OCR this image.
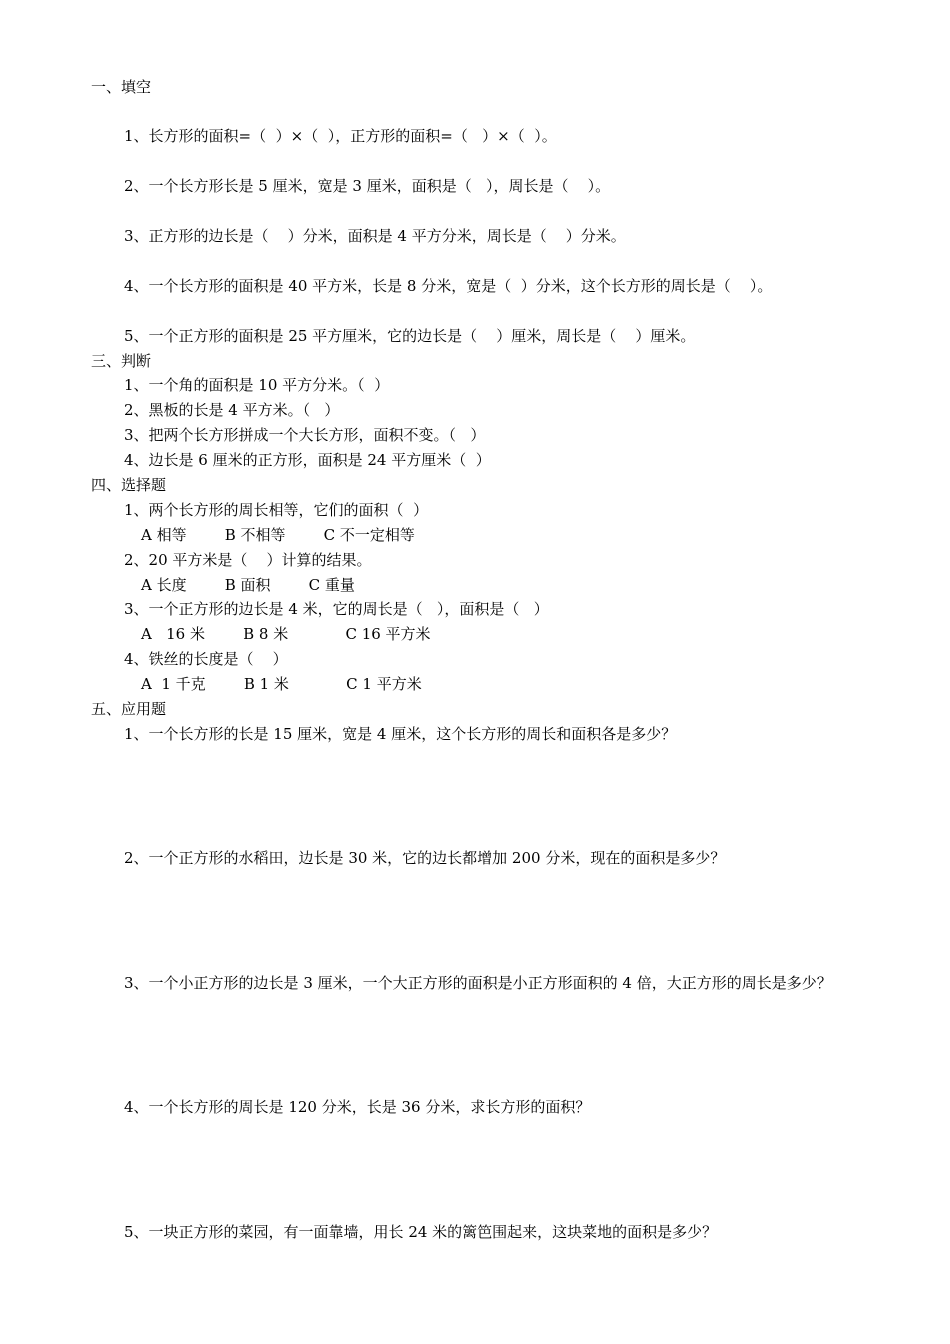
一、填空
1、长方形的面积=（  ）×（  ），正方形的面积=（   ）×（  ）。
2、一个长方形长是 5 厘米，宽是 3 厘米，面积是（   ），周长是（    ）。
3、正方形的边长是（    ）分米，面积是 4 平方分米，周长是（    ）分米。
4、一个长方形的面积是 40 平方米，长是 8 分米，宽是（  ）分米，这个长方形的周长是（    ）。
5、一个正方形的面积是 25 平方厘米，它的边长是（    ）厘米，周长是（    ）厘米。
三、判断
1、一个角的面积是 10 平方分米。（  ）
2、黑板的长是 4 平方米。（   ）
3、把两个长方形拼成一个大长方形，面积不变。（   ）
4、边长是 6 厘米的正方形，面积是 24 平方厘米（  ）
四、选择题
1、两个长方形的周长相等，它们的面积（  ）
A 相等        B 不相等        C 不一定相等
2、20 平方米是（    ）计算的结果。
A 长度        B 面积        C 重量
3、一个正方形的边长是 4 米，它的周长是（   ），面积是（   ）
A   16 米        B 8 米            C 16 平方米
4、铁丝的长度是（    ）
A  1 千克        B 1 米            C 1 平方米
五、应用题
1、一个长方形的长是 15 厘米，宽是 4 厘米，这个长方形的周长和面积各是多少？
2、一个正方形的水稻田，边长是 30 米，它的边长都增加 200 分米，现在的面积是多少？
3、一个小正方形的边长是 3 厘米，一个大正方形的面积是小正方形面积的 4 倍，大正方形的周长是多少？
4、一个长方形的周长是 120 分米，长是 36 分米，求长方形的面积？
5、一块正方形的菜园，有一面靠墙，用长 24 米的篱笆围起来，这块菜地的面积是多少？
